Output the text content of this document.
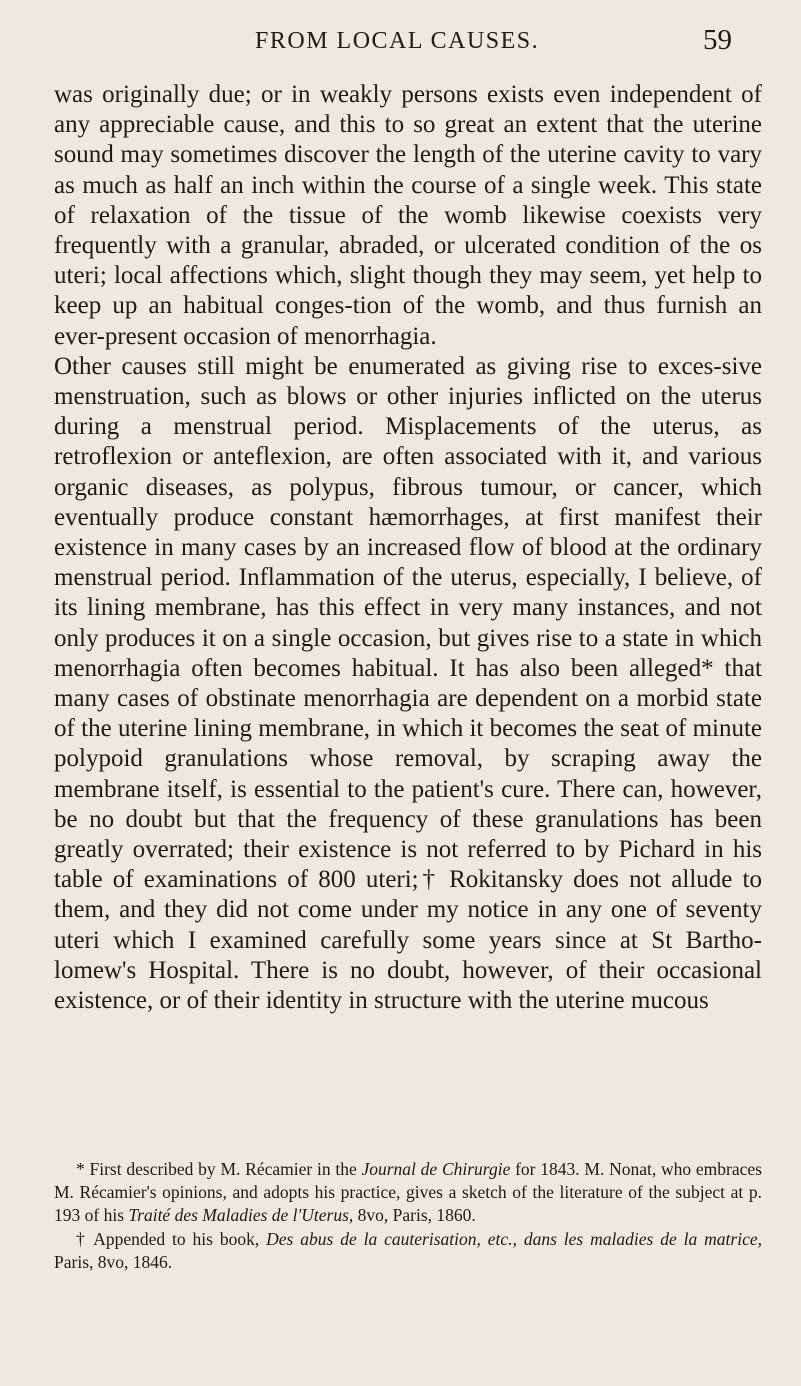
FROM LOCAL CAUSES.	59

was originally due; or in weakly persons exists even independent of any appreciable cause, and this to so great an extent that the uterine sound may sometimes discover the length of the uterine cavity to vary as much as half an inch within the course of a single week. This state of relaxation of the tissue of the womb likewise coexists very frequently with a granular, abraded, or ulcerated condition of the os uteri; local affections which, slight though they may seem, yet help to keep up an habitual conges-tion of the womb, and thus furnish an ever-present occasion of menorrhagia.

Other causes still might be enumerated as giving rise to exces-sive menstruation, such as blows or other injuries inflicted on the uterus during a menstrual period. Misplacements of the uterus, as retroflexion or anteflexion, are often associated with it, and various organic diseases, as polypus, fibrous tumour, or cancer, which eventually produce constant hæmorrhages, at first manifest their existence in many cases by an increased flow of blood at the ordinary menstrual period. Inflammation of the uterus, especially, I believe, of its lining membrane, has this effect in very many instances, and not only produces it on a single occasion, but gives rise to a state in which menorrhagia often becomes habitual. It has also been alleged* that many cases of obstinate menorrhagia are dependent on a morbid state of the uterine lining membrane, in which it becomes the seat of minute polypoid granulations whose removal, by scraping away the membrane itself, is essential to the patient's cure. There can, however, be no doubt but that the frequency of these granulations has been greatly overrated; their existence is not referred to by Pichard in his table of examinations of 800 uteri;† Rokitansky does not allude to them, and they did not come under my notice in any one of seventy uteri which I examined carefully some years since at St Bartho-lomew's Hospital. There is no doubt, however, of their occasional existence, or of their identity in structure with the uterine mucous

* First described by M. Récamier in the Journal de Chirurgie for 1843. M. Nonat, who embraces M. Récamier's opinions, and adopts his practice, gives a sketch of the literature of the subject at p. 193 of his Traité des Maladies de l'Uterus, 8vo, Paris, 1860.

† Appended to his book, Des abus de la cauterisation, etc., dans les maladies de la matrice, Paris, 8vo, 1846.
